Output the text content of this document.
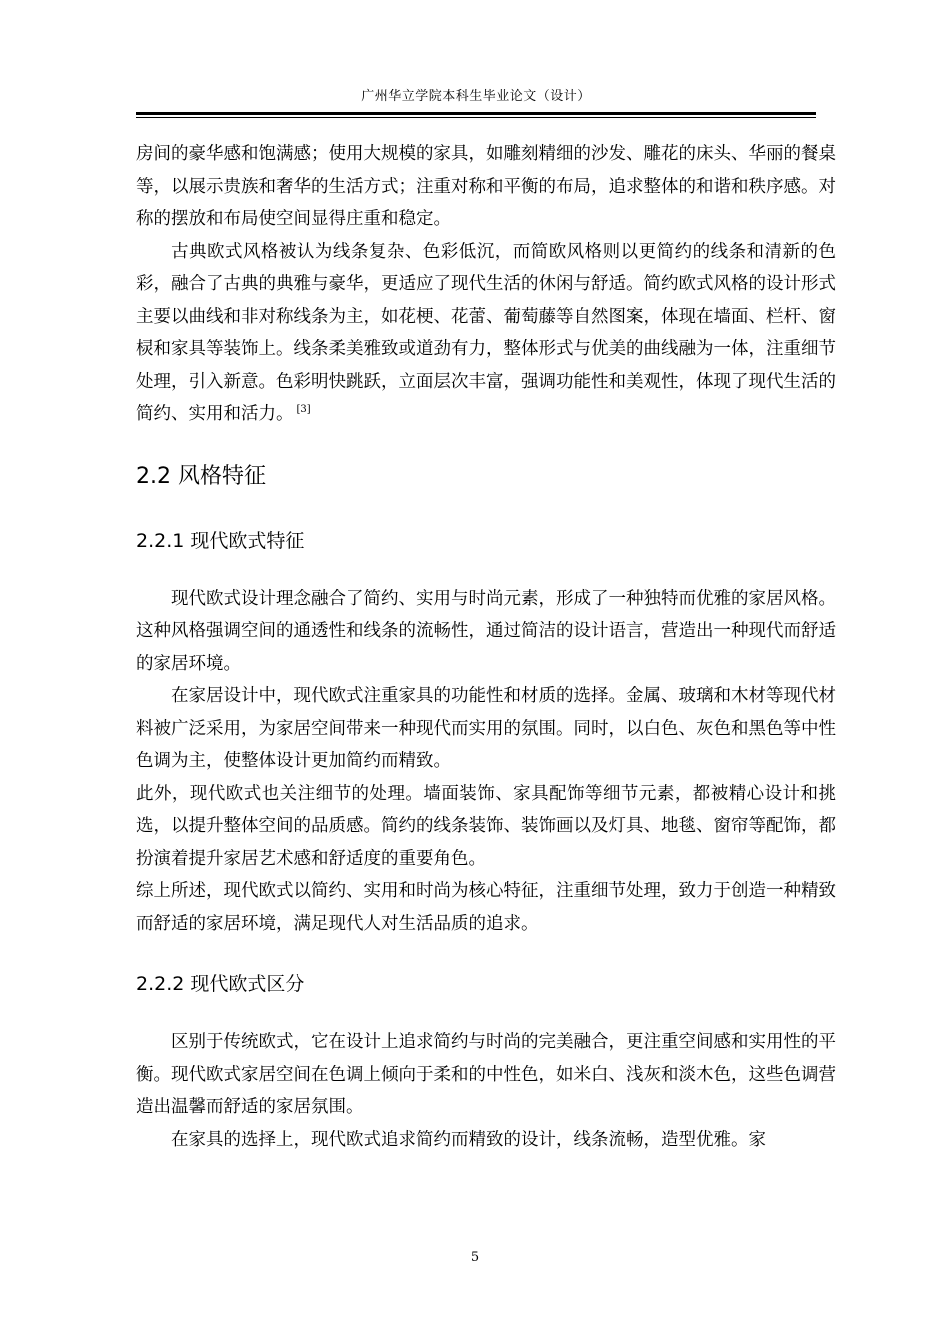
广州华立学院本科生毕业论文（设计）

房间的豪华感和饱满感；使用大规模的家具，如雕刻精细的沙发、雕花的床头、华丽的餐桌等，以展示贵族和奢华的生活方式；注重对称和平衡的布局，追求整体的和谐和秩序感。对称的摆放和布局使空间显得庄重和稳定。

古典欧式风格被认为线条复杂、色彩低沉，而简欧风格则以更简约的线条和清新的色彩，融合了古典的典雅与豪华，更适应了现代生活的休闲与舒适。简约欧式风格的设计形式主要以曲线和非对称线条为主，如花梗、花蕾、葡萄藤等自然图案，体现在墙面、栏杆、窗棂和家具等装饰上。线条柔美雅致或道劲有力，整体形式与优美的曲线融为一体，注重细节处理，引入新意。色彩明快跳跃，立面层次丰富，强调功能性和美观性，体现了现代生活的简约、实用和活力。 [3]

2.2 风格特征
2.2.1 现代欧式特征

现代欧式设计理念融合了简约、实用与时尚元素，形成了一种独特而优雅的家居风格。这种风格强调空间的通透性和线条的流畅性，通过简洁的设计语言，营造出一种现代而舒适的家居环境。

在家居设计中，现代欧式注重家具的功能性和材质的选择。金属、玻璃和木材等现代材料被广泛采用，为家居空间带来一种现代而实用的氛围。同时，以白色、灰色和黑色等中性色调为主，使整体设计更加简约而精致。

此外，现代欧式也关注细节的处理。墙面装饰、家具配饰等细节元素，都被精心设计和挑选，以提升整体空间的品质感。简约的线条装饰、装饰画以及灯具、地毯、窗帘等配饰，都扮演着提升家居艺术感和舒适度的重要角色。

综上所述，现代欧式以简约、实用和时尚为核心特征，注重细节处理，致力于创造一种精致而舒适的家居环境，满足现代人对生活品质的追求。

2.2.2 现代欧式区分

区别于传统欧式，它在设计上追求简约与时尚的完美融合，更注重空间感和实用性的平衡。现代欧式家居空间在色调上倾向于柔和的中性色，如米白、浅灰和淡木色，这些色调营造出温馨而舒适的家居氛围。

在家具的选择上，现代欧式追求简约而精致的设计，线条流畅，造型优雅。家

5
